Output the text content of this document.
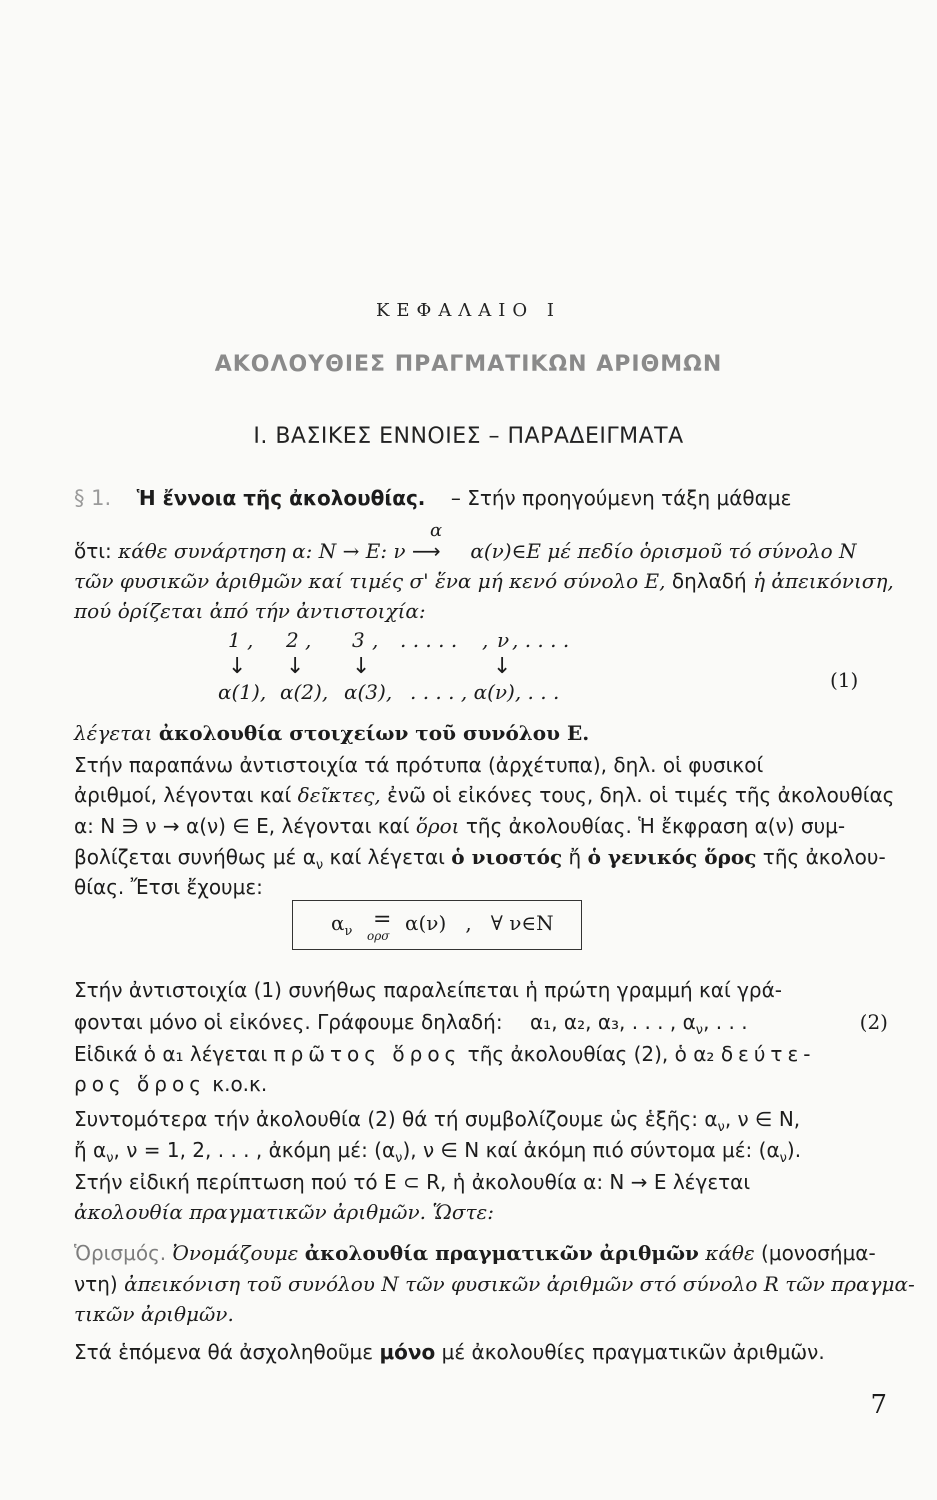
ΚΕΦΑΛΑΙΟ Ι
ΑΚΟΛΟΥΘΙΕΣ ΠΡΑΓΜΑΤΙΚΩΝ ΑΡΙΘΜΩΝ
Ι. ΒΑΣΙΚΕΣ ΕΝΝΟΙΕΣ – ΠΑΡΑΔΕΙΓΜΑΤΑ
§ 1. Ἡ ἔννοια τῆς ἀκολουθίας. – Στήν προηγούμενη τάξη μάθαμε
ὅτι: κάθε συνάρτηση α: N → E: ν
α
⟶ α(ν)∈E μέ πεδίο ὁρισμοῦ τό σύνολο N
τῶν φυσικῶν ἀριθμῶν καί τιμές σ' ἕνα μή κενό σύνολο E, δηλαδή ἡ ἀπεικόνιση,
πού ὁρίζεται ἀπό τήν ἀντιστοιχία:
1 , 2 , 3 , . . . . . , ν , . . . .
↓ ↓ ↓	↓
α(1), α(2), α(3), . . . . , α(ν), . . .	(1)
λέγεται ἀκολουθία στοιχείων τοῦ συνόλου E.
Στήν παραπάνω ἀντιστοιχία τά πρότυπα (ἀρχέτυπα), δηλ. οἱ φυσικοί
ἀριθμοί, λέγονται καί δεῖκτες, ἐνῶ οἱ εἰκόνες τους, δηλ. οἱ τιμές τῆς ἀκολουθίας
α: N ∋ ν → α(ν) ∈ E, λέγονται καί ὅροι τῆς ἀκολουθίας. Ἡ ἔκφραση α(ν) συμ-
βολίζεται συνήθως μέ $\alpha_\nu$ καί λέγεται ὁ νιοστός ἤ ὁ γενικός ὅρος τῆς ἀκολου-
θίας. Ἔτσι ἔχουμε:
$\alpha_\nu$ =
ορσ
α(ν)   ,   ∀ ν∈N
Στήν ἀντιστοιχία (1) συνήθως παραλείπεται ἡ πρώτη γραμμή καί γρά-
φονται μόνο οἱ εἰκόνες. Γράφουμε δηλαδή: α₁, α₂, α₃, . . . , $\alpha_\nu$, . . .	(2)
Εἰδικά ὁ α₁ λέγεται πρῶτος ὅρος τῆς ἀκολουθίας (2), ὁ α₂ δεύτε-
ρος ὅρος κ.ο.κ.
Συντομότερα τήν ἀκολουθία (2) θά τή συμβολίζουμε ὡς ἑξῆς: $\alpha_\nu$, ν ∈ N,
ἤ $\alpha_\nu$, ν = 1, 2, . . . , ἀκόμη μέ: $(\alpha_\nu)$, ν ∈ N καί ἀκόμη πιό σύντομα μέ: $(\alpha_\nu)$.
Στήν εἰδική περίπτωση πού τό E ⊂ R, ἡ ἀκολουθία α: N → E λέγεται
ἀκολουθία πραγματικῶν ἀριθμῶν. Ὥστε:
Ὁρισμός. Ὀνομάζουμε ἀκολουθία πραγματικῶν ἀριθμῶν κάθε (μονοσήμα-
ντη) ἀπεικόνιση τοῦ συνόλου N τῶν φυσικῶν ἀριθμῶν στό σύνολο R τῶν πραγμα-
τικῶν ἀριθμῶν.
Στά ἑπόμενα θά ἀσχοληθοῦμε μόνο μέ ἀκολουθίες πραγματικῶν ἀριθμῶν.
7
